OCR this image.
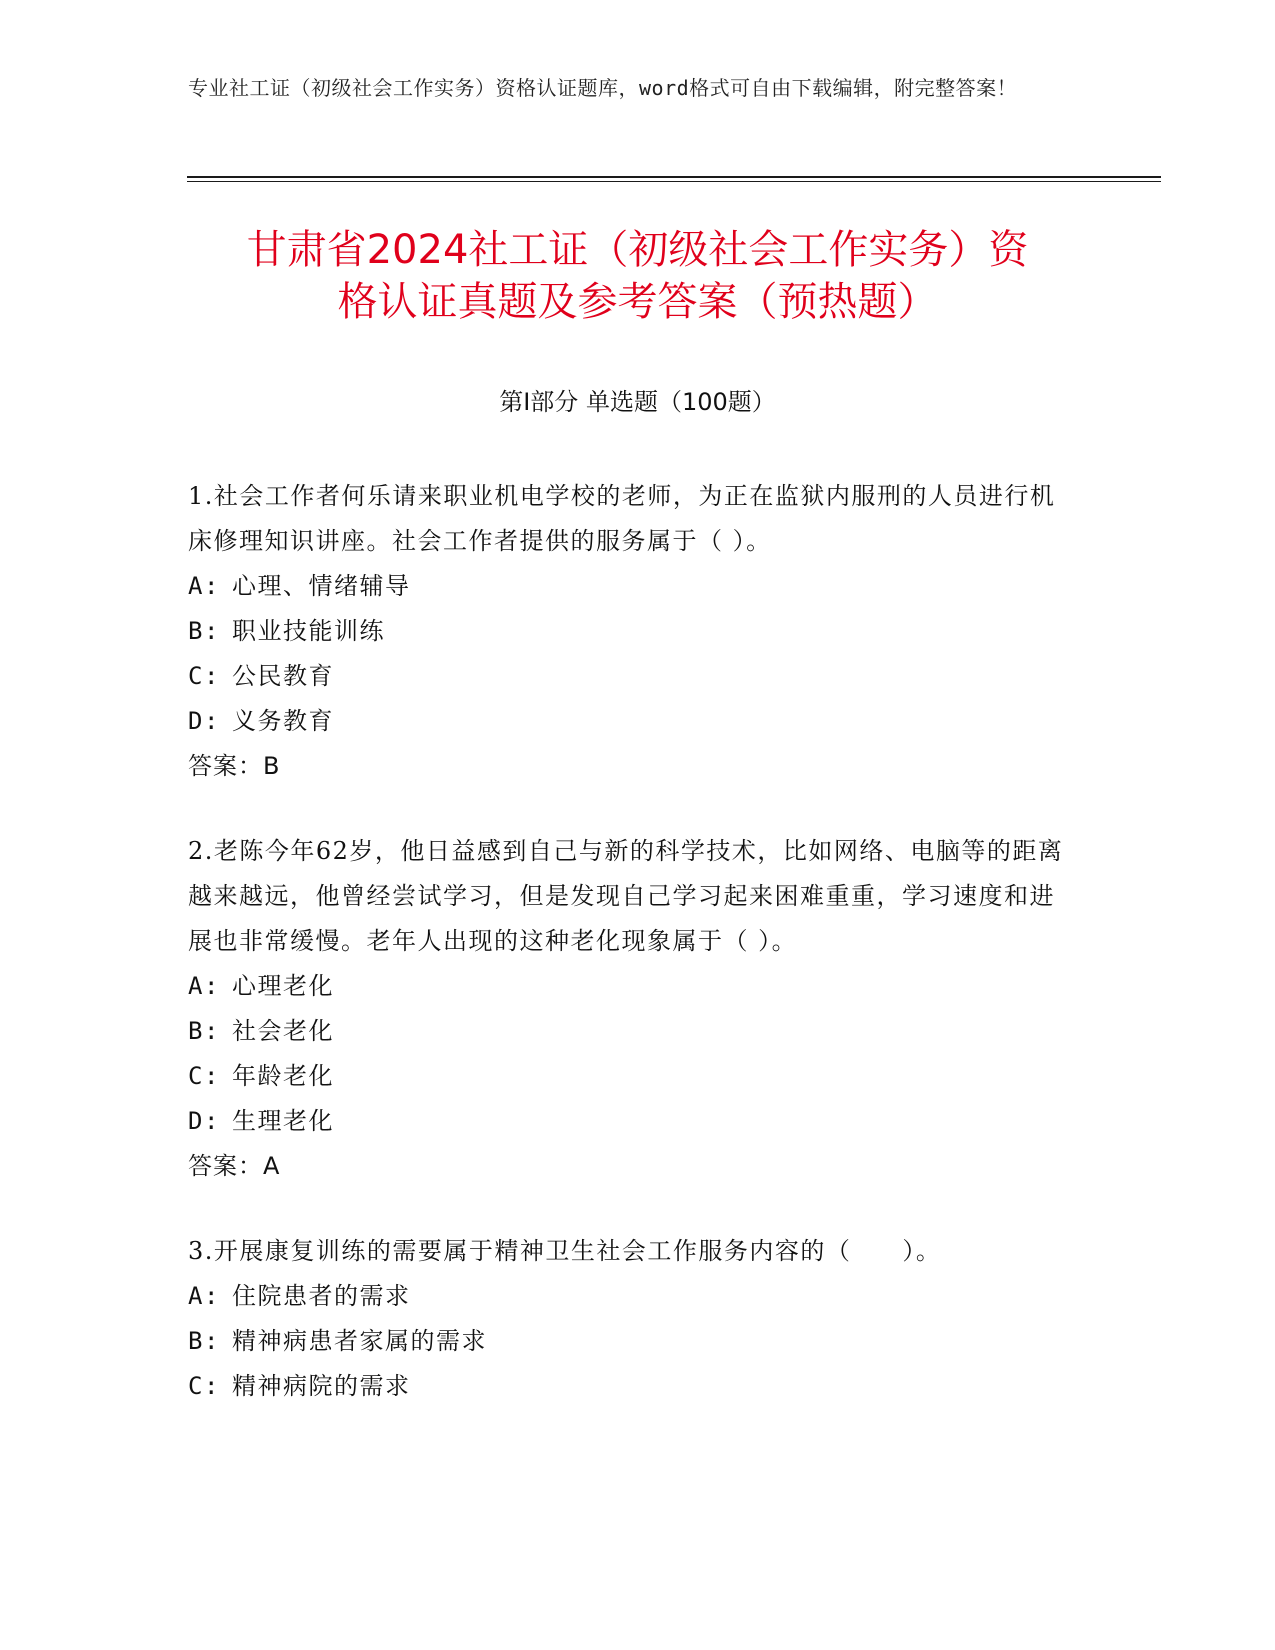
专业社工证（初级社会工作实务）资格认证题库，word格式可自由下载编辑，附完整答案！
甘肃省2024社工证（初级社会工作实务）资
格认证真题及参考答案（预热题）
第Ⅰ部分 单选题（100题）

1.社会工作者何乐请来职业机电学校的老师，为正在监狱内服刑的人员进行机床修理知识讲座。社会工作者提供的服务属于（ ）。

A: 心理、情绪辅导
B: 职业技能训练
C: 公民教育
D: 义务教育
答案：B

2.老陈今年62岁，他日益感到自己与新的科学技术，比如网络、电脑等的距离越来越远，他曾经尝试学习，但是发现自己学习起来困难重重，学习速度和进展也非常缓慢。老年人出现的这种老化现象属于（ ）。

A: 心理老化
B: 社会老化
C: 年龄老化
D: 生理老化
答案：A

3.开展康复训练的需要属于精神卫生社会工作服务内容的（　　）。

A: 住院患者的需求
B: 精神病患者家属的需求
C: 精神病院的需求
